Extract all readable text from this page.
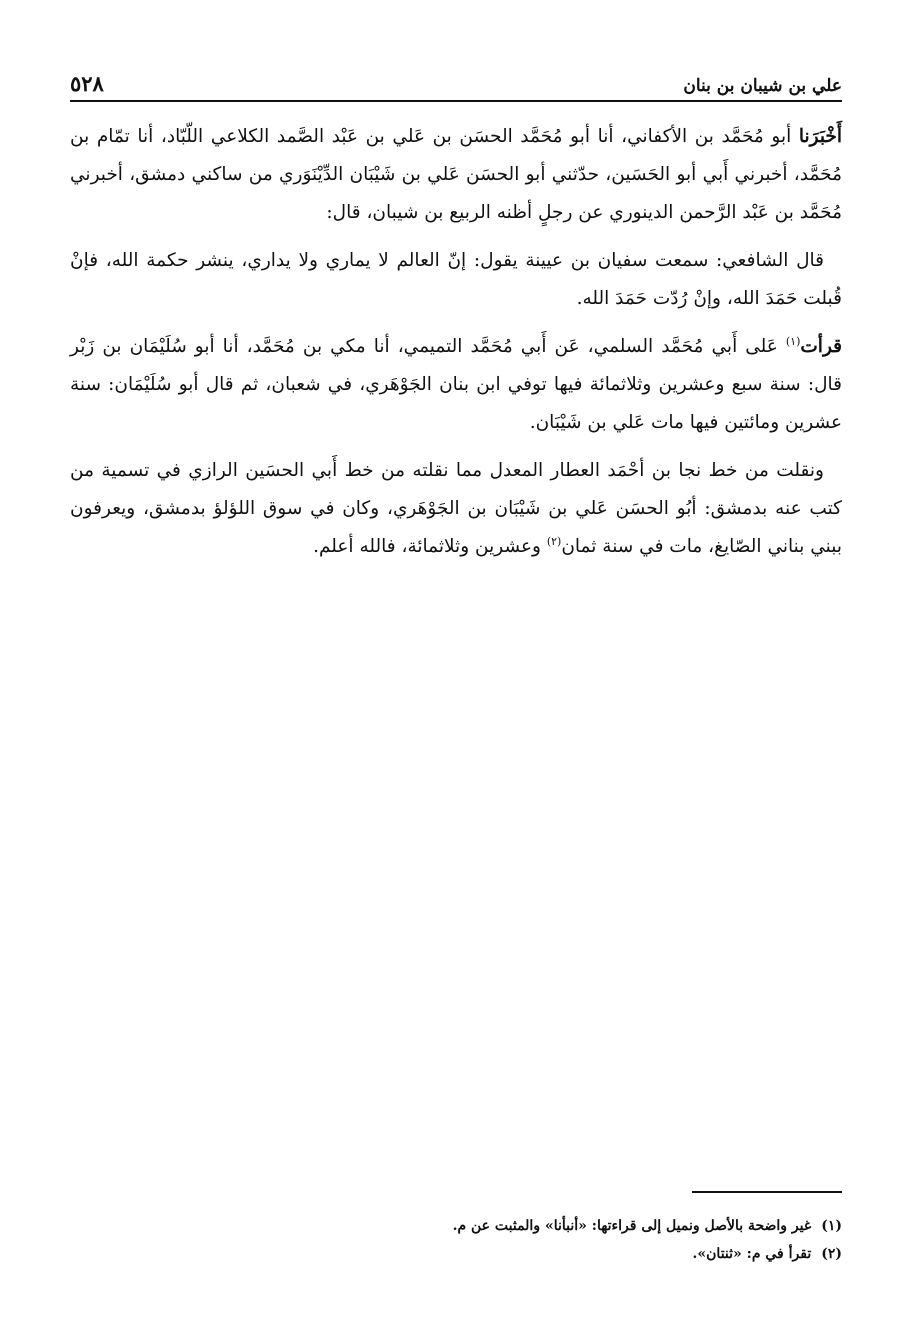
٥٢٨	علي بن شيبان بن بنان

أَخْبَرَنا أبو مُحَمَّد بن الأكفاني، أنا أبو مُحَمَّد الحسَن بن عَلي بن عَبْد الصَّمد الكلاعي اللّبّاد، أنا تمّام بن مُحَمَّد، أخبرني أَبي أبو الحَسَين، حدّثني أبو الحسَن عَلي بن شَيْبَان الدِّيْنَوَري من ساكني دمشق، أخبرني مُحَمَّد بن عَبْد الرَّحمن الدينوري عن رجلٍ أظنه الربيع بن شيبان، قال:

قال الشافعي: سمعت سفيان بن عيينة يقول: إنّ العالم لا يماري ولا يداري، ينشر حكمة الله، فإنْ قُبلت حَمَدَ الله، وإنْ رُدّت حَمَدَ الله.

قرأت$^{(١)}$ عَلى أَبي مُحَمَّد السلمي، عَن أَبي مُحَمَّد التميمي، أنا مكي بن مُحَمَّد، أنا أبو سُلَيْمَان بن زَبْر قال: سنة سبع وعشرين وثلاثمائة فيها توفي ابن بنان الجَوْهَري، في شعبان، ثم قال أبو سُلَيْمَان: سنة عشرين ومائتين فيها مات عَلي بن شَيْبَان.

ونقلت من خط نجا بن أحْمَد العطار المعدل مما نقلته من خط أَبي الحسَين الرازي في تسمية من كتب عنه بدمشق: أبُو الحسَن عَلي بن شَيْبَان بن الجَوْهَري، وكان في سوق اللؤلؤ بدمشق، ويعرفون ببني بناني الصّايغ، مات في سنة ثمان$^{(٢)}$ وعشرين وثلاثمائة، فالله أعلم.

(١)
غير واضحة بالأصل ونميل إلى قراءتها: «أنبأنا» والمثبت عن م.
(٢)
تقرأ في م: «ثنتان».
